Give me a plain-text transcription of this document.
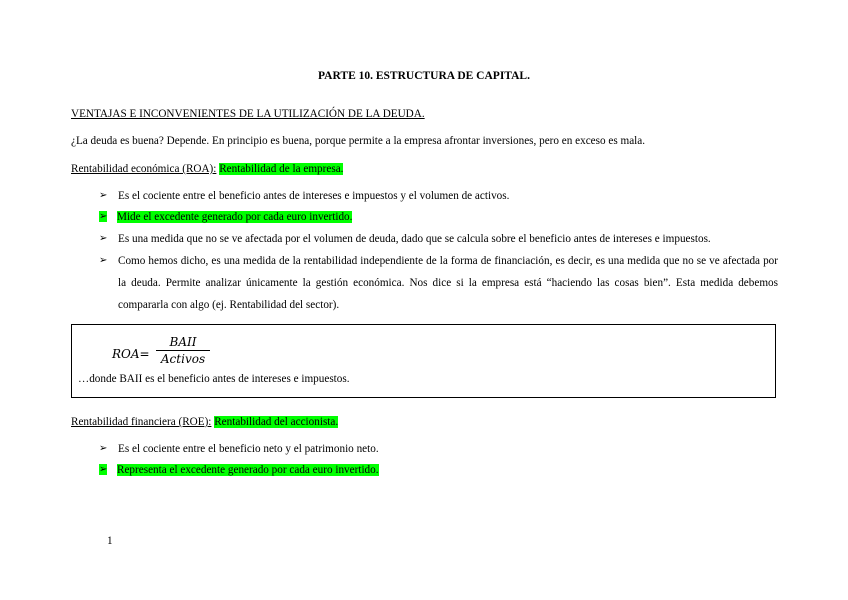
PARTE 10. ESTRUCTURA DE CAPITAL.
VENTAJAS E INCONVENIENTES DE LA UTILIZACIÓN DE LA DEUDA.
¿La deuda es buena? Depende. En principio es buena, porque permite a la empresa afrontar inversiones, pero en exceso es mala.
Rentabilidad económica (ROA): Rentabilidad de la empresa.
➢ Es el cociente entre el beneficio antes de intereses e impuestos y el volumen de activos.
➢ Mide el excedente generado por cada euro invertido.
➢ Es una medida que no se ve afectada por el volumen de deuda, dado que se calcula sobre el beneficio antes de intereses e impuestos.
➢ Como hemos dicho, es una medida de la rentabilidad independiente de la forma de financiación, es decir, es una medida que no se ve afectada por la deuda. Permite analizar únicamente la gestión económica. Nos dice si la empresa está “haciendo las cosas bien”. Esta medida debemos compararla con algo (ej. Rentabilidad del sector).
ROA=
BAII
Activos
…donde BAII es el beneficio antes de intereses e impuestos.
Rentabilidad financiera (ROE): Rentabilidad del accionista.
➢ Es el cociente entre el beneficio neto y el patrimonio neto.
➢ Representa el excedente generado por cada euro invertido.
1
